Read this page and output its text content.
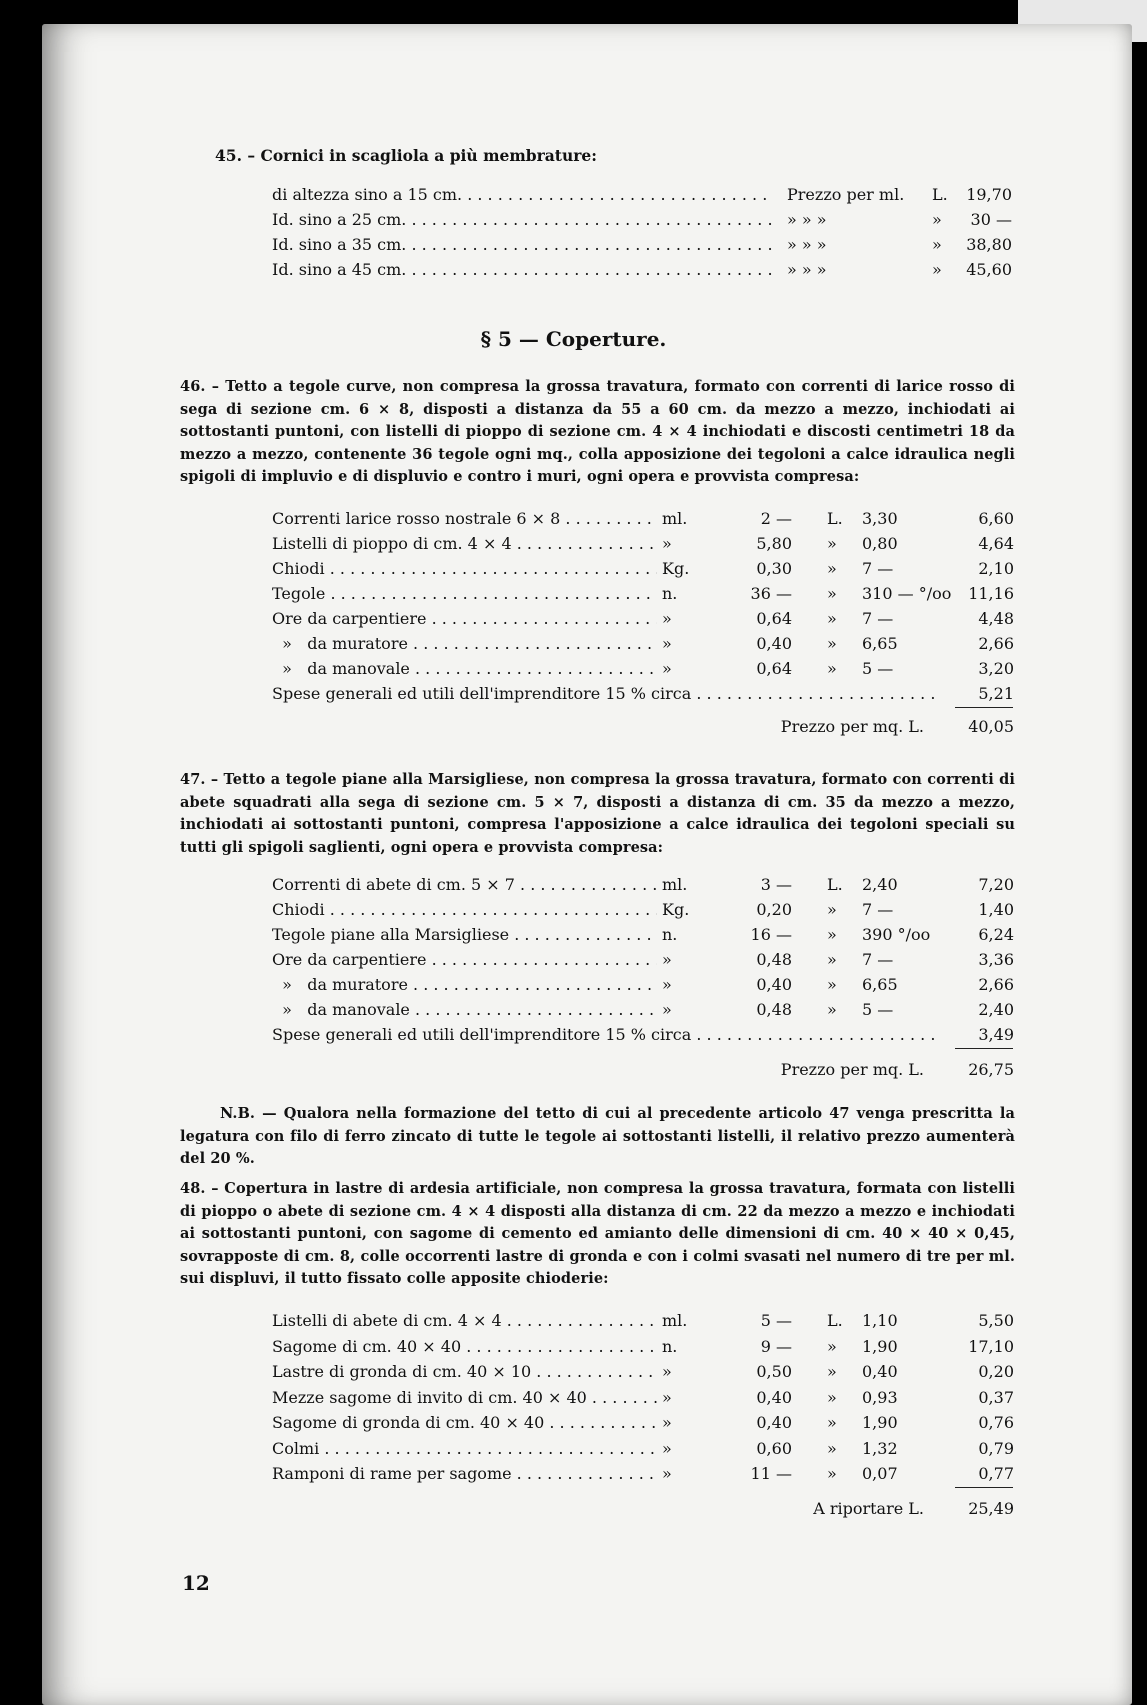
45. – Cornici in scagliola a più membrature:
di altezza sino a 15 cm. . . .	Prezzo per ml.	L.	19,70
Id. sino a 25 cm. . . .	» » »	»	30 —
Id. sino a 35 cm. . . .	» » »	»	38,80
Id. sino a 45 cm. . . .	» » »	»	45,60
§ 5 — Coperture.
46. – Tetto a tegole curve, non compresa la grossa travatura, formato con correnti di larice rosso di sega di sezione cm. 6 × 8, disposti a distanza da 55 a 60 cm. da mezzo a mezzo, inchiodati ai sottostanti puntoni, con listelli di pioppo di sezione cm. 4 × 4 inchiodati e discosti centimetri 18 da mezzo a mezzo, contenente 36 tegole ogni mq., colla apposizione dei tegoloni a calce idraulica negli spigoli di impluvio e di displuvio e contro i muri, ogni opera e provvista compresa:
Correnti larice rosso nostrale 6 × 8 . . .	ml.	2 — L. 3,30	6,60
Listelli di pioppo di cm. 4 × 4 . . .	»	5,80 » 0,80	4,64
Chiodi . . .	Kg.	0,30 » 7 —	2,10
Tegole . . .	n.	36 — » 310 — °/oo	11,16
Ore da carpentiere . . .	»	0,64 » 7 —	4,48
»   da muratore . . .	»	0,40 » 6,65	2,66
»   da manovale . . .	»	0,64 » 5 —	3,20
Spese generali ed utili dell'imprenditore 15 % circa . . .	5,21
Prezzo per mq. L.	40,05
47. – Tetto a tegole piane alla Marsigliese, non compresa la grossa travatura, formato con correnti di abete squadrati alla sega di sezione cm. 5 × 7, disposti a distanza di cm. 35 da mezzo a mezzo, inchiodati ai sottostanti puntoni, compresa l'apposizione a calce idraulica dei tegoloni speciali su tutti gli spigoli saglienti, ogni opera e provvista compresa:
Correnti di abete di cm. 5 × 7 . . .	ml.	3 — L. 2,40	7,20
Chiodi . . .	Kg.	0,20 » 7 —	1,40
Tegole piane alla Marsigliese . . .	n.	16 — » 390 °/oo	6,24
Ore da carpentiere . . .	»	0,48 » 7 —	3,36
»   da muratore . . .	»	0,40 » 6,65	2,66
»   da manovale . . .	»	0,48 » 5 —	2,40
Spese generali ed utili dell'imprenditore 15 % circa . . .	3,49
Prezzo per mq. L.	26,75
N.B. — Qualora nella formazione del tetto di cui al precedente articolo 47 venga prescritta la legatura con filo di ferro zincato di tutte le tegole ai sottostanti listelli, il relativo prezzo aumenterà del 20 %.
48. – Copertura in lastre di ardesia artificiale, non compresa la grossa travatura, formata con listelli di pioppo o abete di sezione cm. 4 × 4 disposti alla distanza di cm. 22 da mezzo a mezzo e inchiodati ai sottostanti puntoni, con sagome di cemento ed amianto delle dimensioni di cm. 40 × 40 × 0,45, sovrapposte di cm. 8, colle occorrenti lastre di gronda e con i colmi svasati nel numero di tre per ml. sui displuvi, il tutto fissato colle apposite chioderie:
Listelli di abete di cm. 4 × 4 . . .	ml.	5 — L. 1,10	5,50
Sagome di cm. 40 × 40 . . .	n.	9 — » 1,90	17,10
Lastre di gronda di cm. 40 × 10 . . .	»	0,50 » 0,40	0,20
Mezze sagome di invito di cm. 40 × 40 . . .	»	0,40 » 0,93	0,37
Sagome di gronda di cm. 40 × 40 . . .	»	0,40 » 1,90	0,76
Colmi . . .	»	0,60 » 1,32	0,79
Ramponi di rame per sagome . . .	»	11 — » 0,07	0,77
A riportare L.	25,49
12
